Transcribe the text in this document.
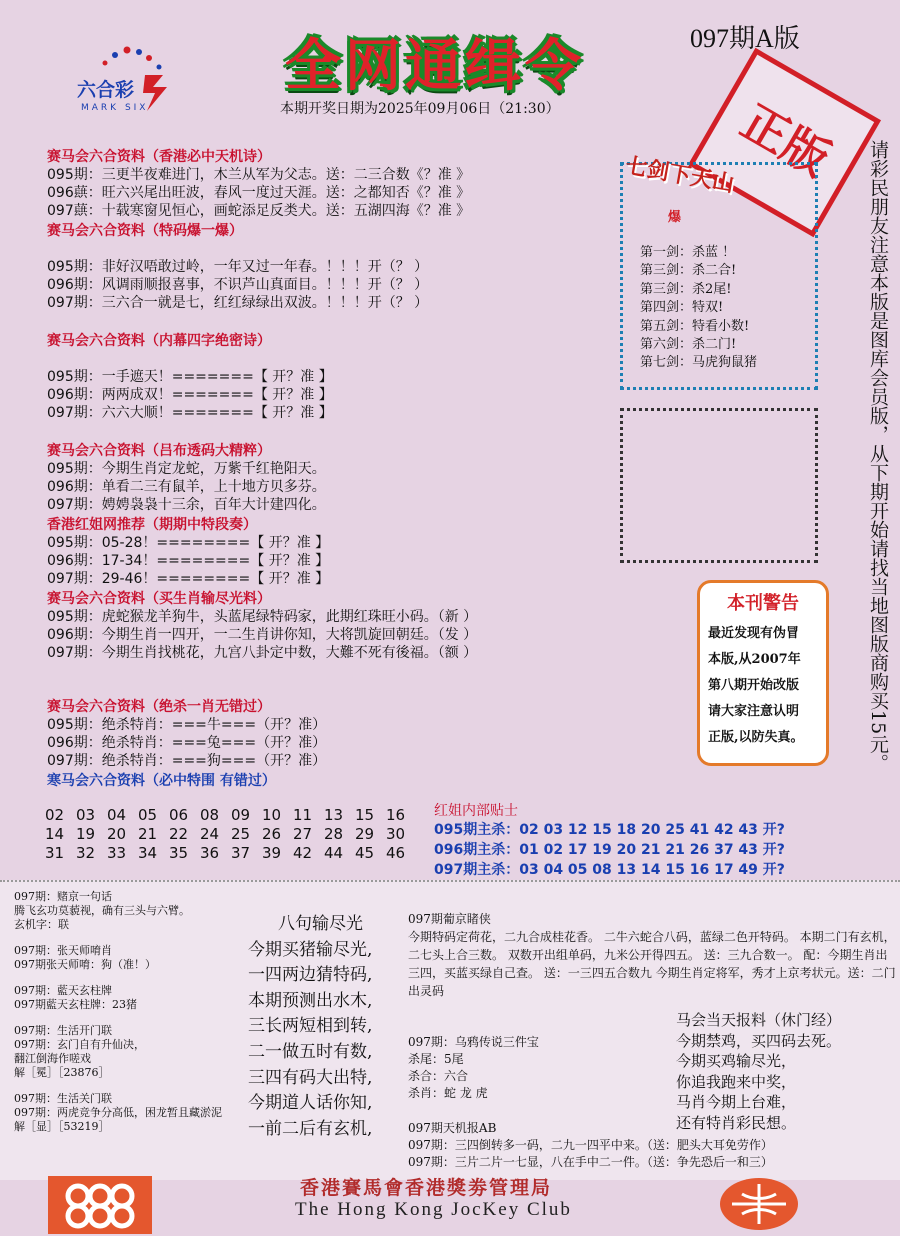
六合彩
MARK SIX
全网通缉令	097期A版
本期开奖日期为2025年09月06日（21:30）	正版	请彩民朋友注意本版是图库会员版，从下期开始请找当地图版商购买15元。
赛马会六合资料（香港必中天机诗）
095期：三更半夜难进门，木兰从军为父志。送：二三合数《？准 》
096蕻：旺六兴尾出旺波，春风一度过天涯。送：之都知否《？准 》
097蕻：十载寒窗见恒心，画蛇添足反类犬。送：五湖四海《？准 》
赛马会六合资料（特码爆一爆）
095期：非好汉唔敢过岭，一年又过一年春。！！！开（？ ）
096期：风调雨顺报喜事，不识芦山真面目。！！！开（？ ）
097期：三六合一就是七，红红绿绿出双波。！！！开（？ ）
赛马会六合资料（内幕四字绝密诗）
095期：一手遮天！=======【 开？准 】
096期：两两成双！=======【 开？准 】
097期：六六大顺！=======【 开？准 】
赛马会六合资料（吕布透码大精粹）
095期：今期生肖定龙蛇，万紫千红艳阳天。
096期：单看二三有鼠羊，上十地方贝多芬。
097期：娉娉袅袅十三余，百年大计建四化。
香港红姐网推荐（期期中特段奏）
095期：05-28！========【 开？准 】
096期：17-34！========【 开？准 】
097期：29-46！========【 开？准 】
赛马会六合资料（买生肖输尽光料）
095期：虎蛇猴龙羊狗牛，头蓝尾绿特码家，此期红珠旺小码。（新 ）
096期：今期生肖一四开，一二生肖讲你知，大将凯旋回朝廷。（发 ）
097期：今期生肖找桃花，九宫八卦定中数，大難不死有後福。（额 ）
赛马会六合资料（绝杀一肖无错过）
095期：绝杀特肖：===牛===（开？准）
096期：绝杀特肖：===兔===（开？准）
097期：绝杀特肖：===狗===（开？准）
寒马会六合资料（必中特围 有错过）
02 03 04 05 06 08 09 10 11 13 15 16
14 19 20 21 22 24 25 26 27 28 29 30
31 32 33 34 35 36 37 39 42 44 45 46
七剑下天山
爆
第一剑：杀蓝 ！
第三剑：杀二合!
第三剑：杀2尾!
第四剑：特双!
第五剑：特看小数!
第六剑：杀二门!
第七剑：马虎狗鼠猪
本刊警告
最近发现有伪冒
本版,从2007年
第八期开始改版
请大家注意认明
正版,以防失真。
红姐内部贴士
095期主杀：02 03 12 15 18 20 25 41 42 43 开?
096期主杀：01 02 17 19 20 21 21 26 37 43 开?
097期主杀：03 04 05 08 13 14 15 16 17 49 开?
097期：赌京一句话
腾飞玄功莫藐视，确有三头与六臂。
玄机字：联
097期：张天师唷肖
097期张天师唷：狗（准！）
097期：藍天玄柱牌
097期藍天玄柱牌：23猪
097期：生活开门联
097期：玄门自有升仙决，
翻江倒海作嗟戏
解［冕］［23876］
097期：生活关门联
097期：两虎竞争分高低，困龙暂且藏淤泥
解［显］［53219］
八句输尽光
今期买猪输尽光,
一四两边猜特码,
本期预测出水木,
三长两短相到转,
二一做五时有数,
三四有码大出特,
今期道人话你知,
一前二后有玄机,
097期葡京睹侠
今期特码定荷花，二九合成桂花香。 二牛六蛇合八码，蓝绿二色开特码。 本期二门有玄机，二七头上合三数。 双数开出组单码，九米公开得四五。 送：三九合数一。 配：今期生肖出三四，买蓝买绿自己查。 送：一三四五合数九 今期生肖定将军，秀才上京考状元。送：二门出灵码
097期：乌鸦传说三件宝
杀尾：5尾
杀合：六合
杀肖：蛇 龙 虎
马会当天报料（休门经）
今期禁鸡，买四码去死。
今期买鸡输尽光，
你追我跑来中奖，
马肖今期上台难，
还有特肖彩民想。
097期天机报AB
097期：三四倒转多一码，二九一四平中来。（送：肥头大耳免劳作）
097期：三片二片一七显，八在手中二一件。（送：争先恐后一和三）
香港賽馬會香港獎劵管理局
The Hong Kong JocKey Club
